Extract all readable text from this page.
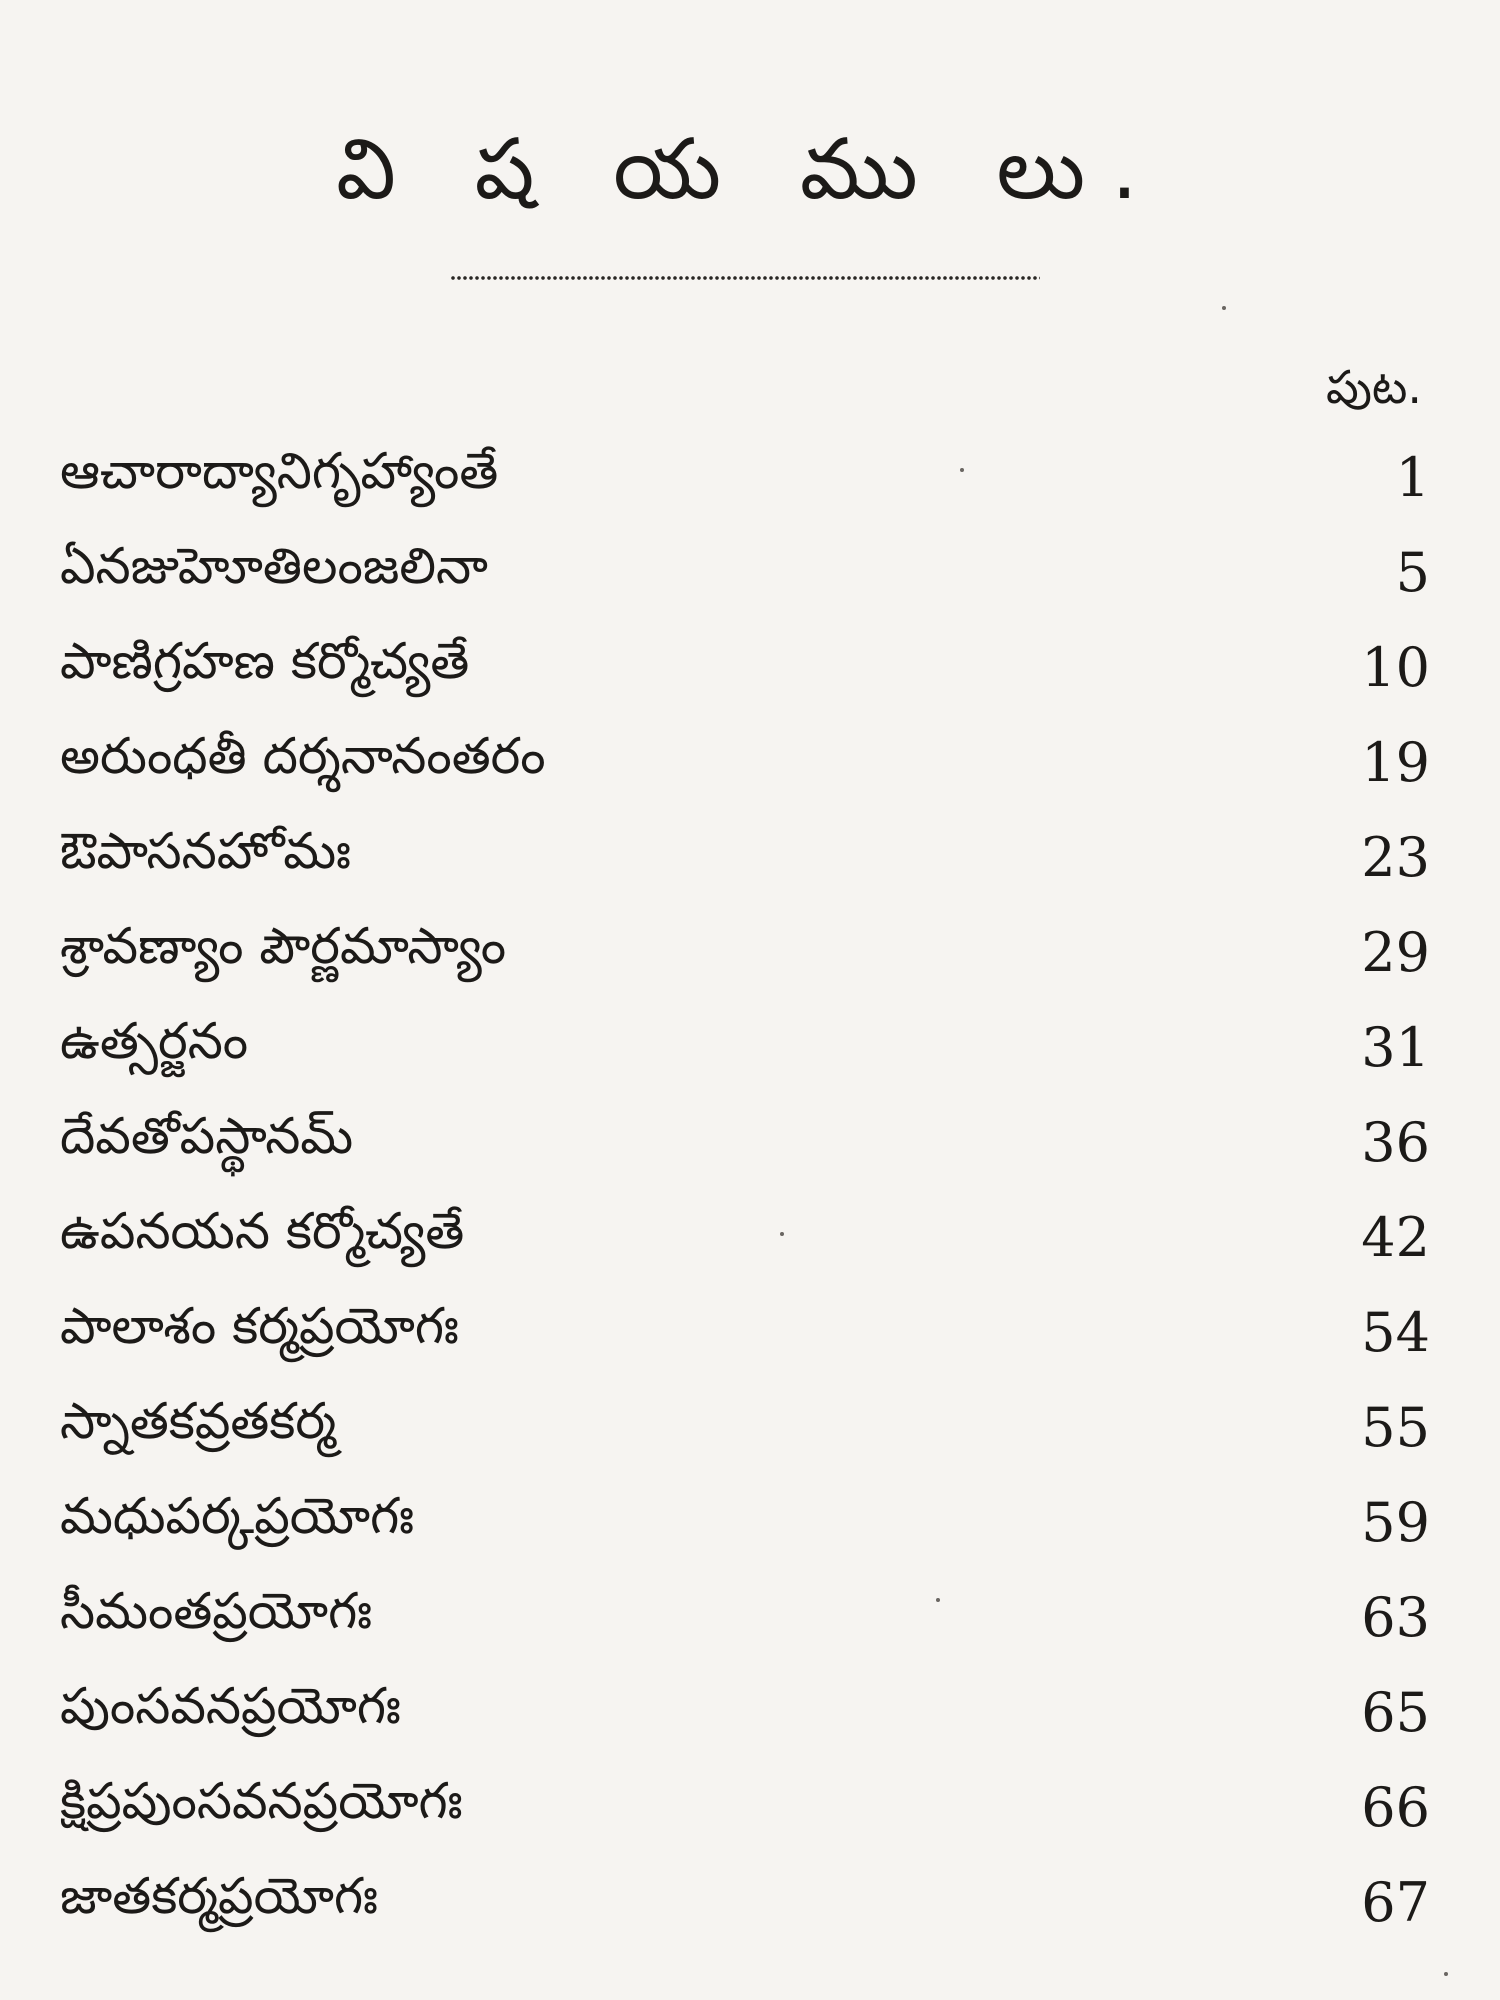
వి ష య ము లు.
పుట.
ఆచారాద్యానిగృహ్యాంతే	1
ఏనజుహెూతిలంజలినా	5
పాణిగ్రహణ కర్మోచ్యతే	10
అరుంధతీ దర్శనానంతరం	19
ఔపాసనహోమః	23
శ్రావణ్యాం పౌర్ణమాస్యాం	29
ఉత్సర్జనం	31
దేవతోపస్థానమ్	36
ఉపనయన కర్మోచ్యతే	42
పాలాశం కర్మప్రయోగః	54
స్నాతకవ్రతకర్మ	55
మధుపర్కప్రయోగః	59
సీమంతప్రయోగః	63
పుంసవనప్రయోగః	65
క్షిప్రపుంసవనప్రయోగః	66
జాతకర్మప్రయోగః	67
